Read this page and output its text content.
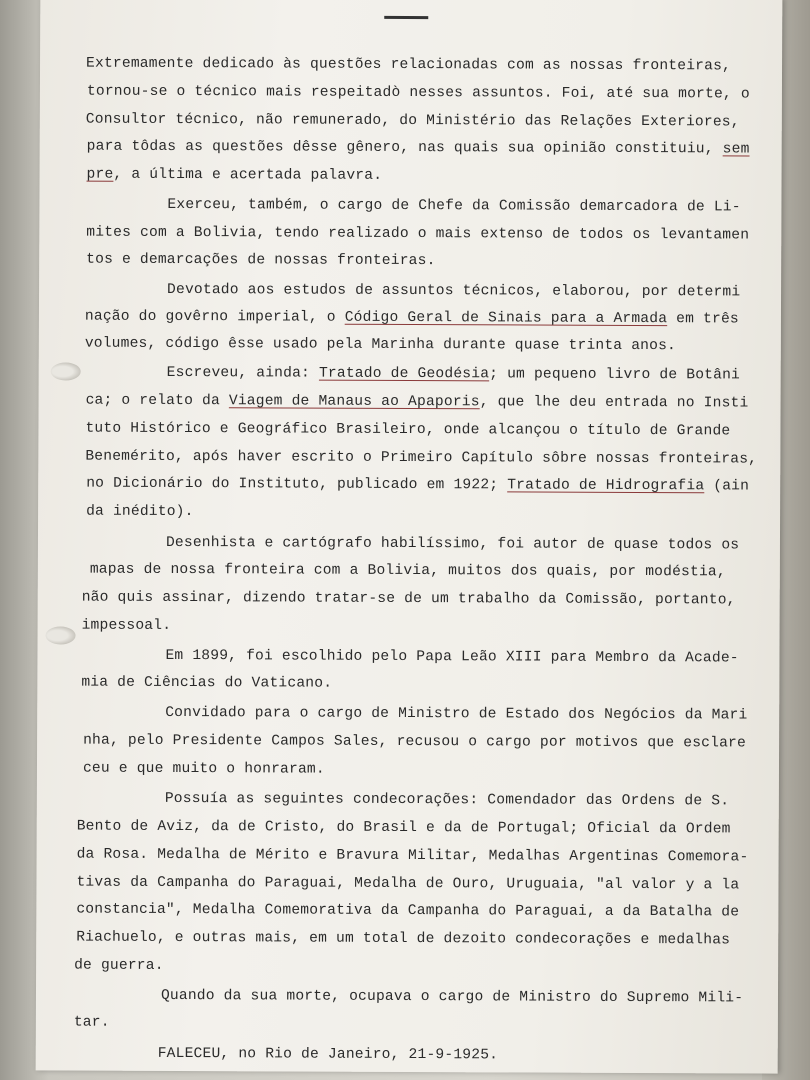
Extremamente dedicado às questões relacionadas com as nossas fronteiras,
tornou-se o técnico mais respeitadò nesses assuntos. Foi, até sua morte, o
Consultor técnico, não remunerado, do Ministério das Relações Exteriores,
para tôdas as questões dêsse gênero, nas quais sua opinião constituiu, sem
pre, a última e acertada palavra.
Exerceu, também, o cargo de Chefe da Comissão demarcadora de Li-
mites com a Bolivia, tendo realizado o mais extenso de todos os levantamen
tos e demarcações de nossas fronteiras.
Devotado aos estudos de assuntos técnicos, elaborou, por determi
nação do govêrno imperial, o Código Geral de Sinais para a Armada em três
volumes, código êsse usado pela Marinha durante quase trinta anos.
Escreveu, ainda: Tratado de Geodésia; um pequeno livro de Botâni
ca; o relato da Viagem de Manaus ao Apaporis, que lhe deu entrada no Insti
tuto Histórico e Geográfico Brasileiro, onde alcançou o título de Grande
Benemérito, após haver escrito o Primeiro Capítulo sôbre nossas fronteiras,
no Dicionário do Instituto, publicado em 1922; Tratado de Hidrografia (ain
da inédito).
Desenhista e cartógrafo habilíssimo, foi autor de quase todos os
mapas de nossa fronteira com a Bolivia, muitos dos quais, por modéstia,
não quis assinar, dizendo tratar-se de um trabalho da Comissão, portanto,
impessoal.
Em 1899, foi escolhido pelo Papa Leão XIII para Membro da Acade-
mia de Ciências do Vaticano.
Convidado para o cargo de Ministro de Estado dos Negócios da Mari
nha, pelo Presidente Campos Sales, recusou o cargo por motivos que esclare
ceu e que muito o honraram.
Possuía as seguintes condecorações: Comendador das Ordens de S.
Bento de Aviz, da de Cristo, do Brasil e da de Portugal; Oficial da Ordem
da Rosa. Medalha de Mérito e Bravura Militar, Medalhas Argentinas Comemora-
tivas da Campanha do Paraguai, Medalha de Ouro, Uruguaia, "al valor y a la
constancia", Medalha Comemorativa da Campanha do Paraguai, a da Batalha de
Riachuelo, e outras mais, em um total de dezoito condecorações e medalhas
de guerra.
Quando da sua morte, ocupava o cargo de Ministro do Supremo Mili-
tar.
FALECEU, no Rio de Janeiro, 21-9-1925.
